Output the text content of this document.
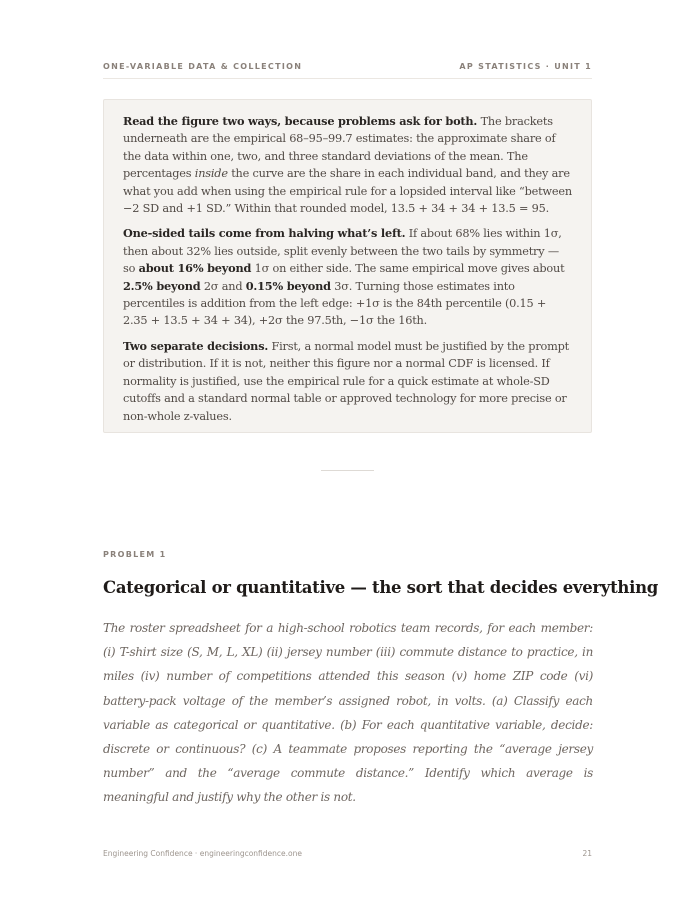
ONE-VARIABLE DATA & COLLECTION	AP STATISTICS · UNIT 1

Read the figure two ways, because problems ask for both. The brackets underneath are the empirical 68–95–99.7 estimates: the approximate share of the data within one, two, and three standard deviations of the mean. The percentages inside the curve are the share in each individual band, and they are what you add when using the empirical rule for a lopsided interval like “between −2 SD and +1 SD.” Within that rounded model, 13.5 + 34 + 34 + 13.5 = 95.

One-sided tails come from halving what’s left. If about 68% lies within 1σ, then about 32% lies outside, split evenly between the two tails by symmetry — so about 16% beyond 1σ on either side. The same empirical move gives about 2.5% beyond 2σ and 0.15% beyond 3σ. Turning those estimates into percentiles is addition from the left edge: +1σ is the 84th percentile (0.15 + 2.35 + 13.5 + 34 + 34), +2σ the 97.5th, −1σ the 16th.

Two separate decisions. First, a normal model must be justified by the prompt or distribution. If it is not, neither this figure nor a normal CDF is licensed. If normality is justified, use the empirical rule for a quick estimate at whole-SD cutoffs and a standard normal table or approved technology for more precise or non-whole z-values.

PROBLEM 1
Categorical or quantitative — the sort that decides everything

The roster spreadsheet for a high-school robotics team records, for each member: (i) T-shirt size (S, M, L, XL) (ii) jersey number (iii) commute distance to practice, in miles (iv) number of competitions attended this season (v) home ZIP code (vi) battery-pack voltage of the member’s assigned robot, in volts. (a) Classify each variable as categorical or quantitative. (b) For each quantitative variable, decide: discrete or continuous? (c) A teammate proposes reporting the “average jersey number” and the “average commute distance.” Identify which average is meaningful and justify why the other is not.

Engineering Confidence · engineeringconfidence.one	21
